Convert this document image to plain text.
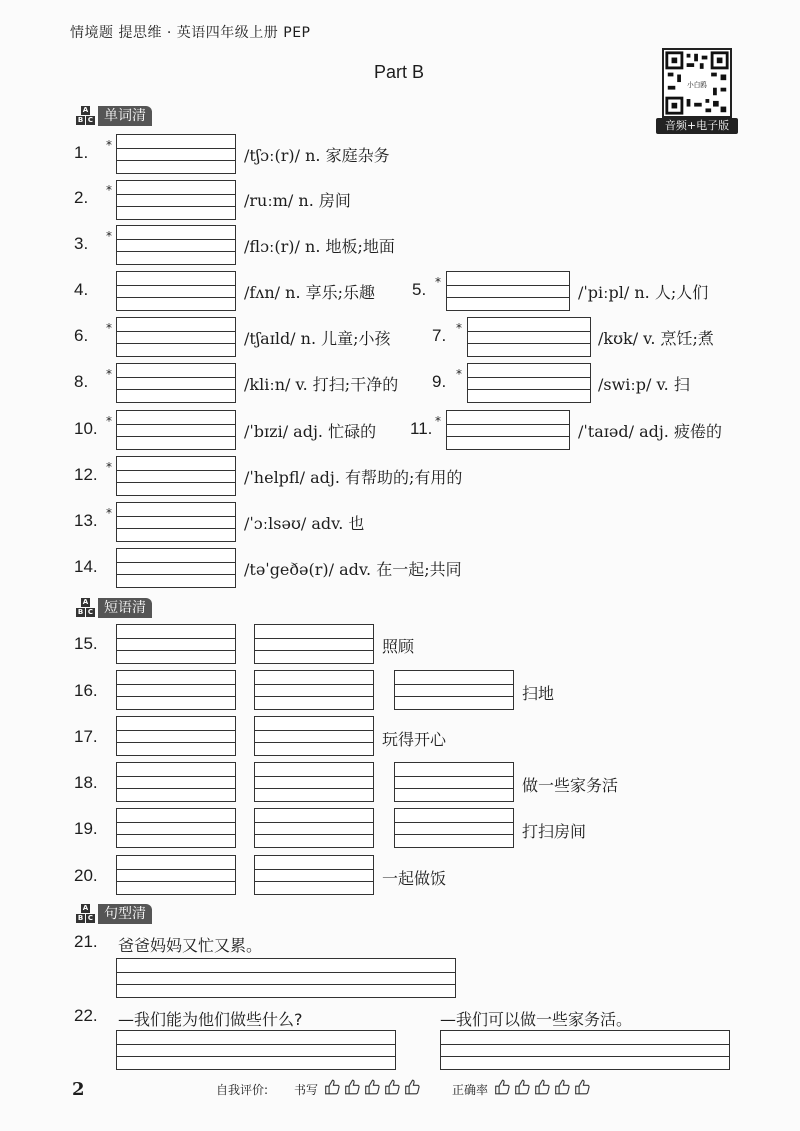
情境题 提思维 · 英语四年级上册 PEP
Part B
小白鸥
音频+电子版
A
B C 单词清
1. *
/tʃɔː(r)/ n. 家庭杂务
2. *
/ruːm/ n. 房间
3. *
/flɔː(r)/ n. 地板;地面
4.	/fʌn/ n. 享乐;乐趣 5. *
/ˈpiːpl/ n. 人;人们
6. *
/tʃaɪld/ n. 儿童;小孩 7. *
/kʊk/ v. 烹饪;煮
8. *
/kliːn/ v. 打扫;干净的 9. *
/swiːp/ v. 扫
10. *
/ˈbɪzi/ adj. 忙碌的 11. *
/ˈtaɪəd/ adj. 疲倦的
12. *
/ˈhelpfl/ adj. 有帮助的;有用的
13. *
/ˈɔːlsəʊ/ adv. 也
14.	/təˈgeðə(r)/ adv. 在一起;共同
A
B C 短语清
15.	照顾
16.	扫地
17.	玩得开心
18.	做一些家务活
19.	打扫房间
20.	一起做饭
A
B C 句型清
21. 爸爸妈妈又忙又累。
22. —我们能为他们做些什么?	—我们可以做一些家务活。
2	自我评价: 书写	正确率
